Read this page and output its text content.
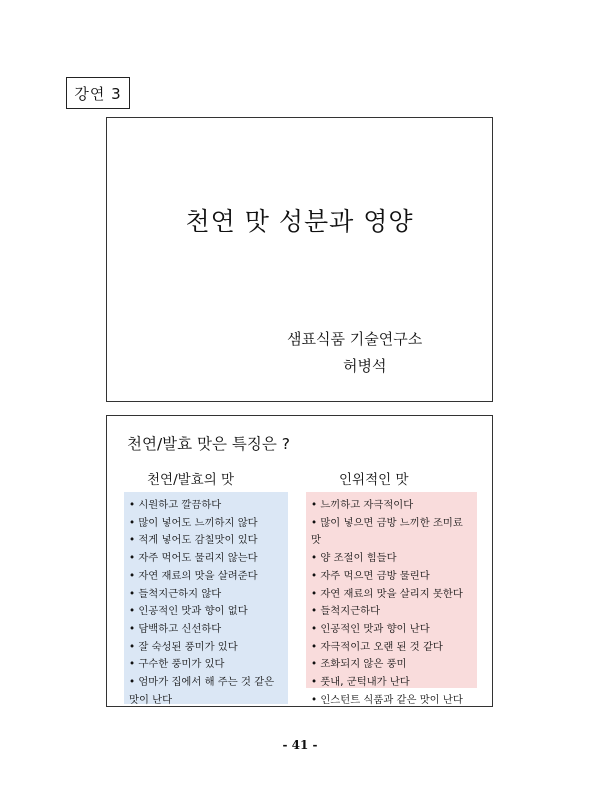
강연 3
천연 맛 성분과 영양
샘표식품 기술연구소
허병석
천연/발효 맛은 특징은 ?
천연/발효의 맛	인위적인 맛
• 시원하고 깔끔하다
• 많이 넣어도 느끼하지 않다
• 적게 넣어도 감칠맛이 있다
• 자주 먹어도 물리지 않는다
• 자연 재료의 맛을 살려준다
• 들척지근하지 않다
• 인공적인 맛과 향이 없다
• 담백하고 신선하다
• 잘 숙성된 풍미가 있다
• 구수한 풍미가 있다
• 엄마가 집에서 해 주는 것 같은 맛이 난다
• 느끼하고 자극적이다
• 많이 넣으면 금방 느끼한 조미료 맛
• 양 조절이 힘들다
• 자주 먹으면 금방 물린다
• 자연 재료의 맛을 살리지 못한다
• 들척지근하다
• 인공적인 맛과 향이 난다
• 자극적이고 오랜 된 것 같다
• 조화되지 않은 풍미
• 풋내, 군턱내가 난다
• 인스턴트 식품과 같은 맛이 난다
- 41 -
